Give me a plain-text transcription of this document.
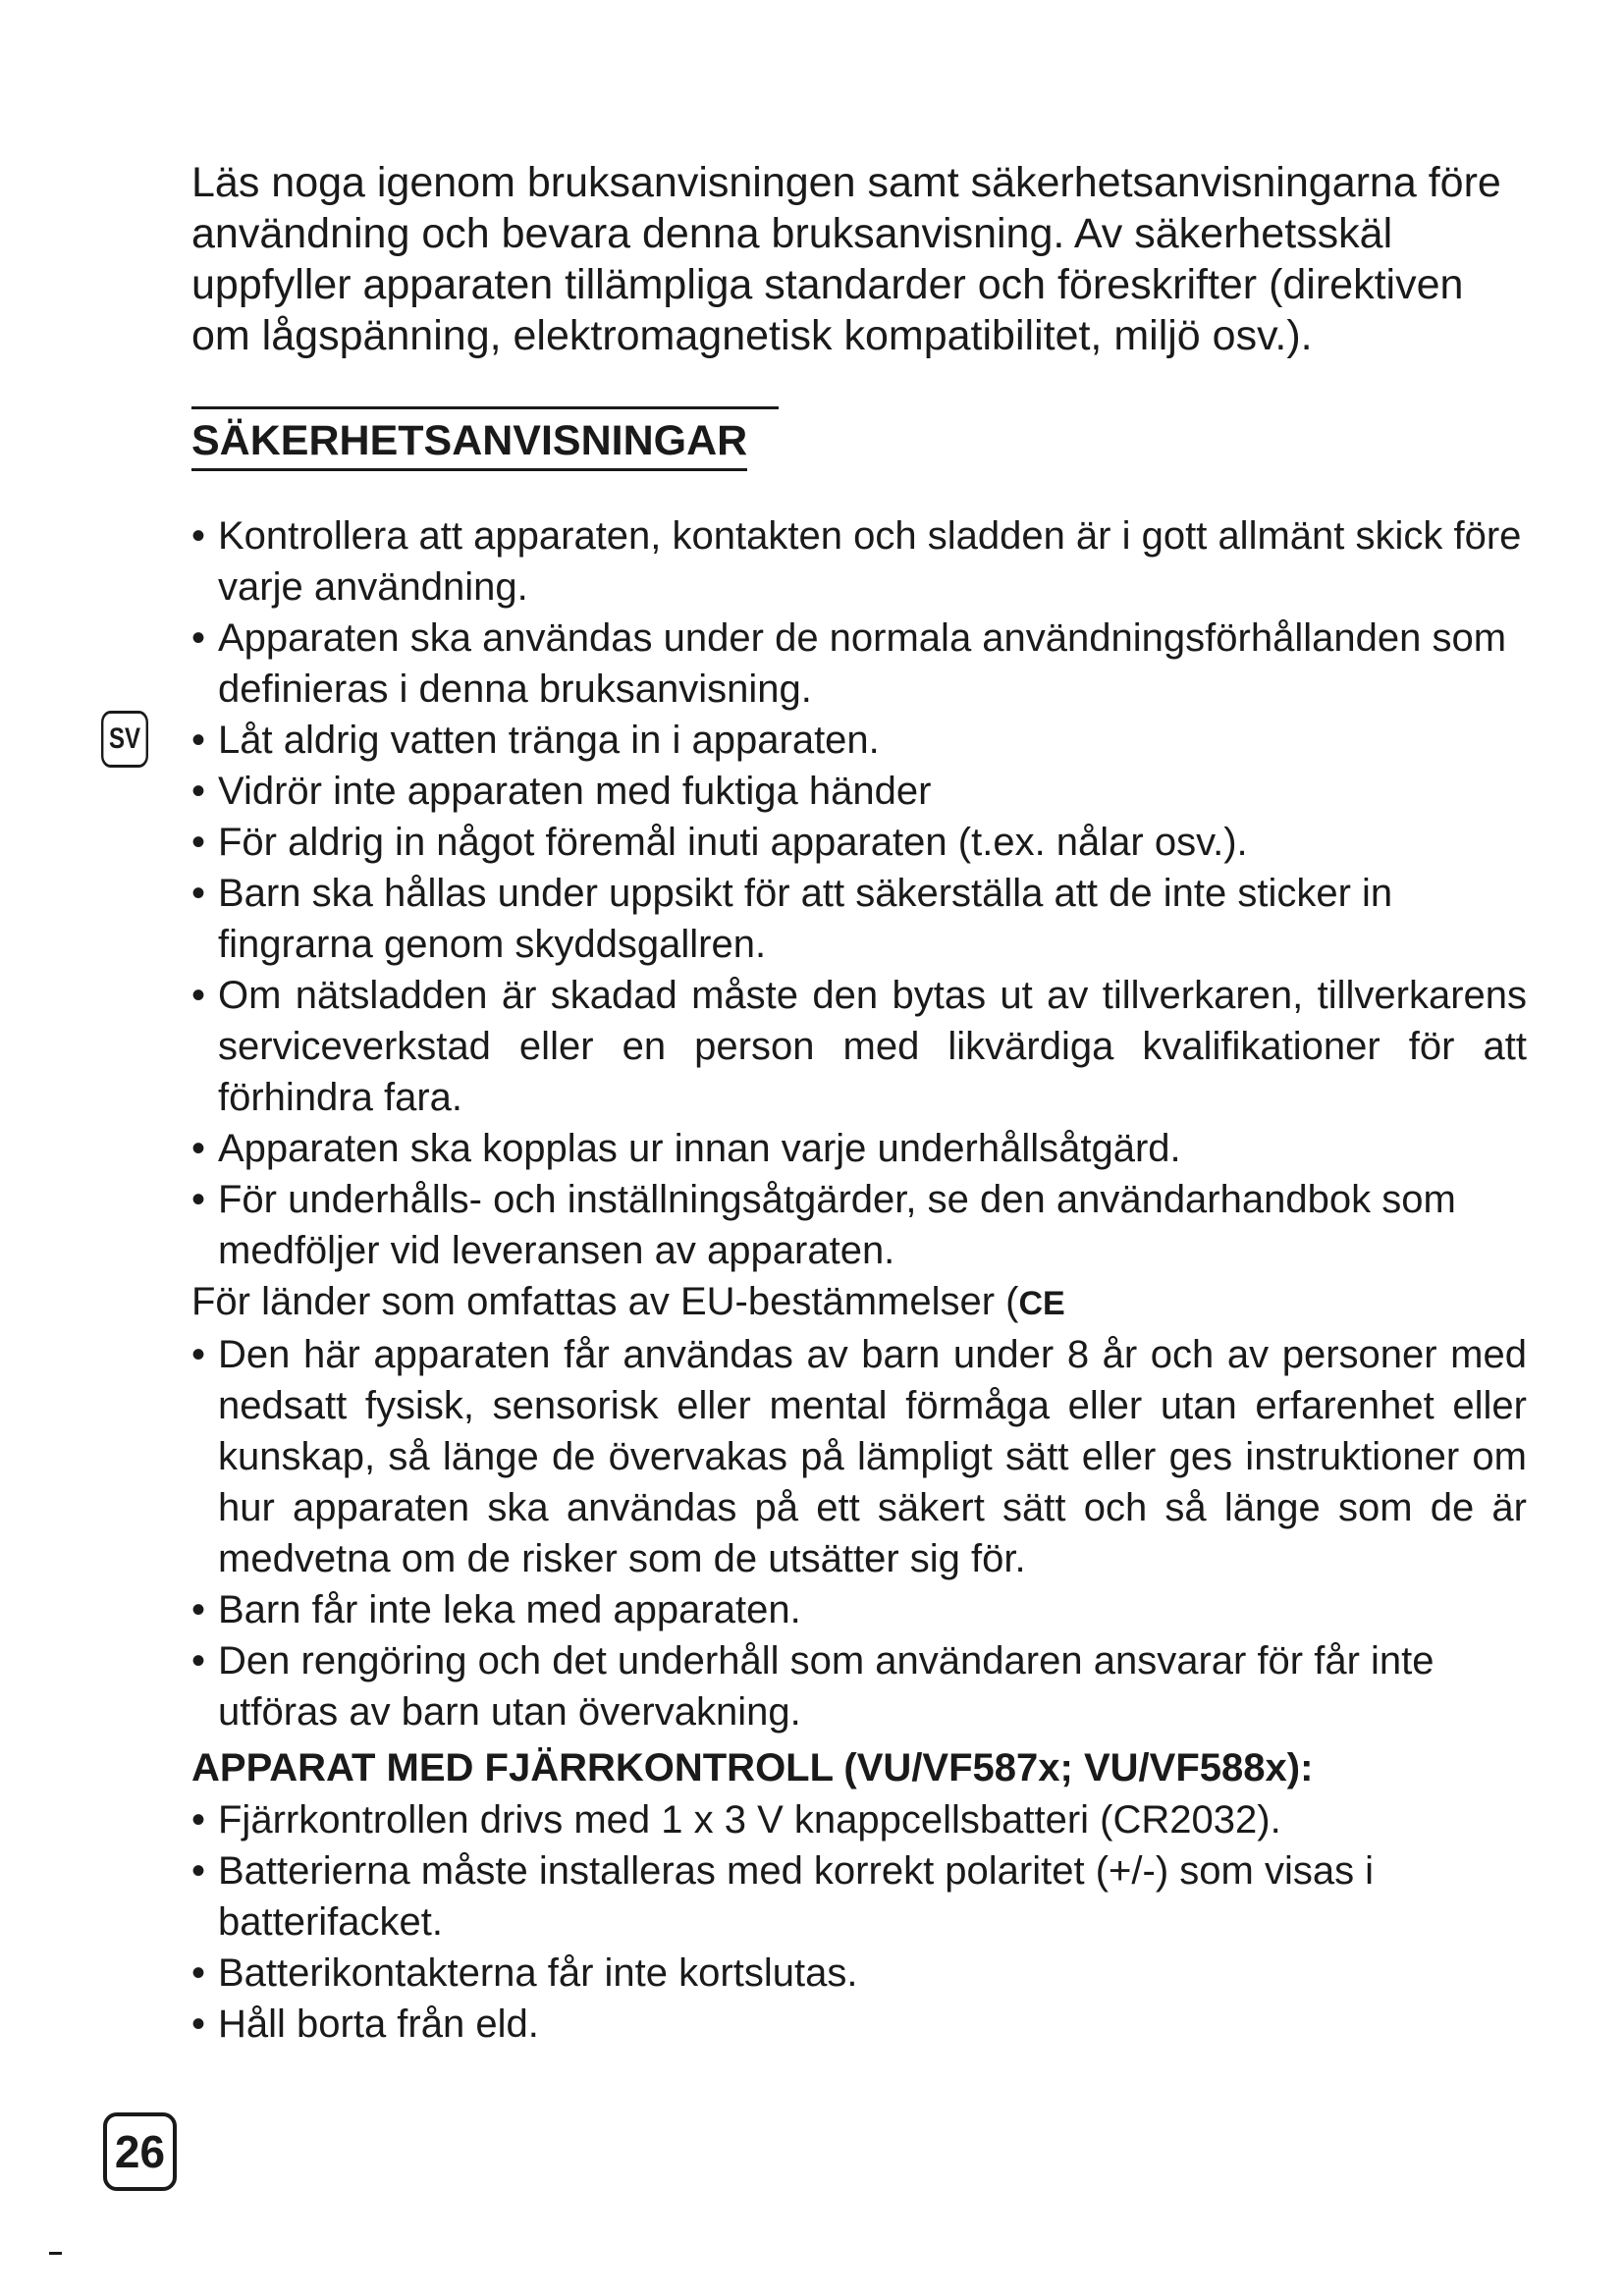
Läs noga igenom bruksanvisningen samt säkerhetsanvisningarna före användning och bevara denna bruksanvisning. Av säkerhetsskäl uppfyller apparaten tillämpliga standarder och föreskrifter (direktiven om lågspänning, elektromagnetisk kompatibilitet, miljö osv.).

SÄKERHETSANVISNINGAR
• Kontrollera att apparaten, kontakten och sladden är i gott allmänt skick före varje användning.
• Apparaten ska användas under de normala användningsförhållanden som definieras i denna bruksanvisning.
• Låt aldrig vatten tränga in i apparaten.
• Vidrör inte apparaten med fuktiga händer
• För aldrig in något föremål inuti apparaten (t.ex. nålar osv.).
• Barn ska hållas under uppsikt för att säkerställa att de inte sticker in fingrarna genom skyddsgallren.
• Om nätsladden är skadad måste den bytas ut av tillverkaren, tillverkarens serviceverkstad eller en person med likvärdiga kvalifikationer för att förhindra fara.
• Apparaten ska kopplas ur innan varje underhållsåtgärd.
• För underhålls- och inställningsåtgärder, se den användarhandbok som medföljer vid leveransen av apparaten.
För länder som omfattas av EU-bestämmelser (CE
• Den här apparaten får användas av barn under 8 år och av personer med nedsatt fysisk, sensorisk eller mental förmåga eller utan erfarenhet eller kunskap, så länge de övervakas på lämpligt sätt eller ges instruktioner om hur apparaten ska användas på ett säkert sätt och så länge som de är medvetna om de risker som de utsätter sig för.
• Barn får inte leka med apparaten.
• Den rengöring och det underhåll som användaren ansvarar för får inte utföras av barn utan övervakning.
APPARAT MED FJÄRRKONTROLL (VU/VF587x; VU/VF588x):
• Fjärrkontrollen drivs med 1 x 3 V knappcellsbatteri (CR2032).
• Batterierna måste installeras med korrekt polaritet (+/-) som visas i batterifacket.
• Batterikontakterna får inte kortslutas.
• Håll borta från eld.
SV
26
